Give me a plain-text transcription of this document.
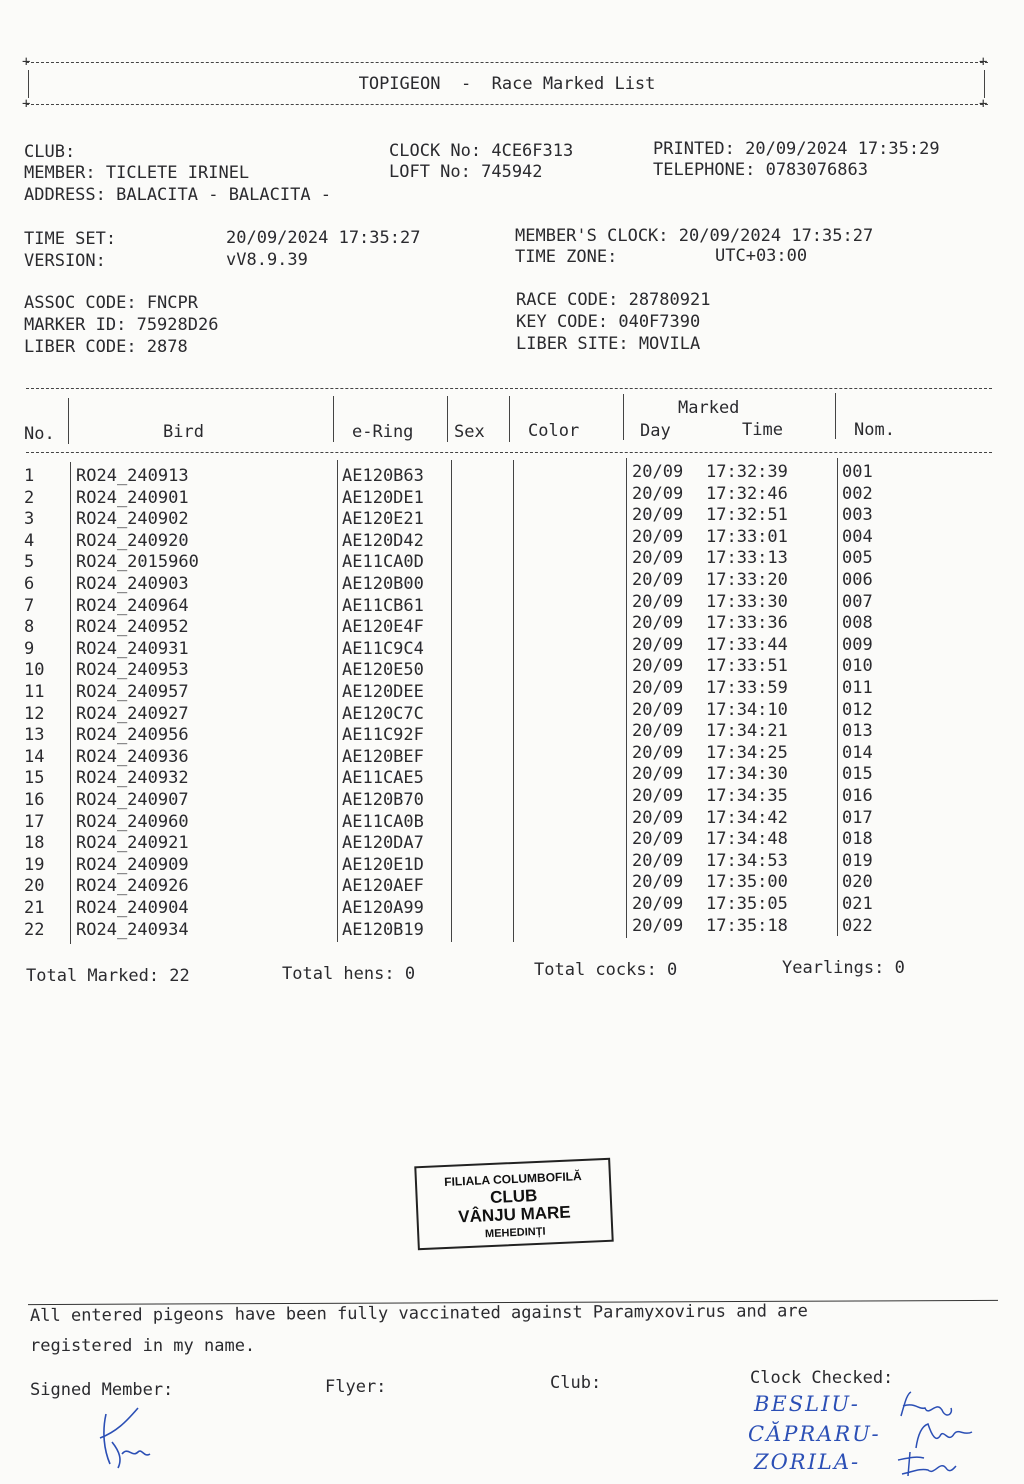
+	+
+	+
TOPIGEON  -  Race Marked List
CLUB:
MEMBER: TICLETE IRINEL
ADDRESS: BALACITA - BALACITA -
CLOCK No: 4CE6F313
LOFT No: 745942
PRINTED: 20/09/2024 17:35:29
TELEPHONE: 0783076863
TIME SET:	20/09/2024 17:35:27
VERSION:	vV8.9.39
MEMBER'S CLOCK: 20/09/2024 17:35:27
TIME ZONE:	UTC+03:00
ASSOC CODE: FNCPR
MARKER ID: 75928D26
LIBER CODE: 2878
RACE CODE: 28780921
KEY CODE: 040F7390
LIBER SITE: MOVILA
No.	Bird	e-Ring Sex	Color
Marked
Day	Time	Nom.
1 RO24_240913	AE120B63	20/09 17:32:39	001
2 RO24_240901	AE120DE1	20/09 17:32:46	002
3 RO24_240902	AE120E21	20/09 17:32:51	003
4 RO24_240920	AE120D42	20/09 17:33:01	004
5 RO24_2015960	AE11CA0D	20/09 17:33:13	005
6 RO24_240903	AE120B00	20/09 17:33:20	006
7 RO24_240964	AE11CB61	20/09 17:33:30	007
8 RO24_240952	AE120E4F	20/09 17:33:36	008
9 RO24_240931	AE11C9C4	20/09 17:33:44	009
10 RO24_240953	AE120E50	20/09 17:33:51	010
11 RO24_240957	AE120DEE	20/09 17:33:59	011
12 RO24_240927	AE120C7C	20/09 17:34:10	012
13 RO24_240956	AE11C92F	20/09 17:34:21	013
14 RO24_240936	AE120BEF	20/09 17:34:25	014
15 RO24_240932	AE11CAE5	20/09 17:34:30	015
16 RO24_240907	AE120B70	20/09 17:34:35	016
17 RO24_240960	AE11CA0B	20/09 17:34:42	017
18 RO24_240921	AE120DA7	20/09 17:34:48	018
19 RO24_240909	AE120E1D	20/09 17:34:53	019
20 RO24_240926	AE120AEF	20/09 17:35:00	020
21 RO24_240904	AE120A99	20/09 17:35:05	021
22 RO24_240934	AE120B19	20/09 17:35:18	022
Total Marked: 22	Total hens: 0	Total cocks: 0	Yearlings: 0
FILIALA COLUMBOFILĂ
CLUB
VÂNJU MARE
MEHEDINȚI
All entered pigeons have been fully vaccinated against Paramyxovirus and are
registered in my name.
Signed Member:	Flyer:	Club:	Clock Checked:
BESLIU-
CĂPRARU-
ZORILA-
